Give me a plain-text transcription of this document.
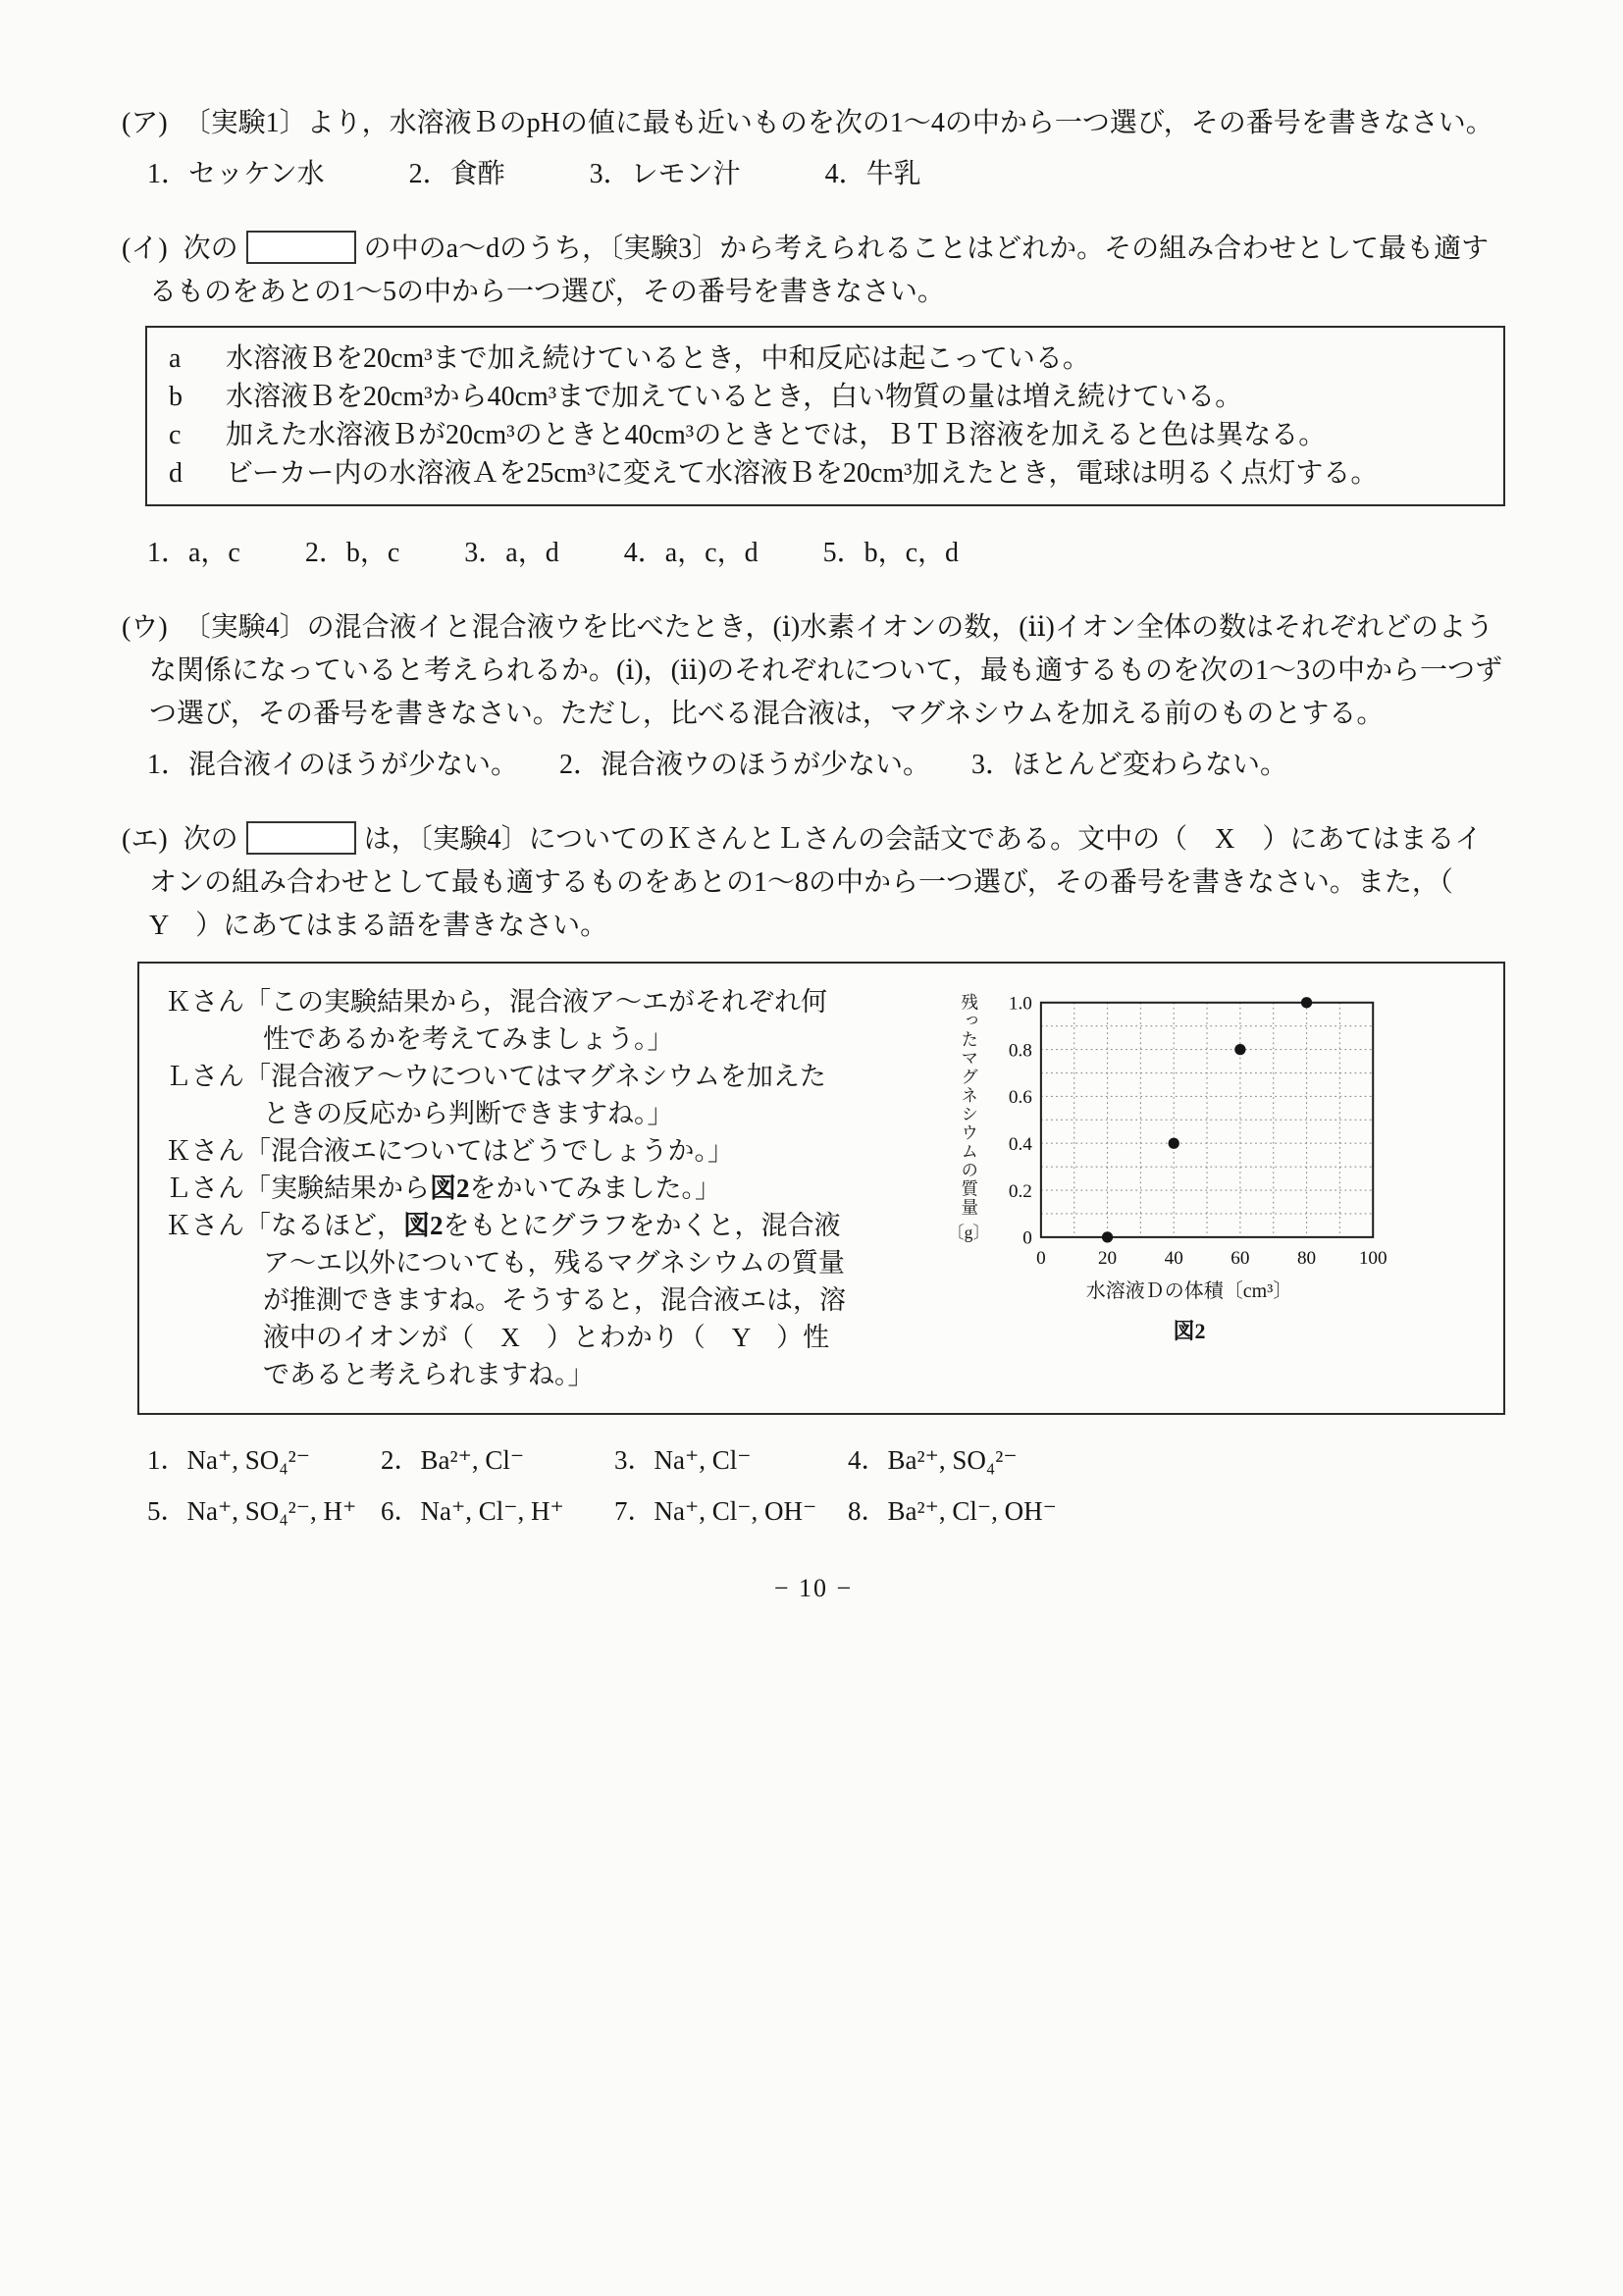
(ア) 〔実験1〕より，水溶液ＢのpHの値に最も近いものを次の1〜4の中から一つ選び，その番号を書きなさい。

1．セッケン水	2．食酢	3．レモン汁	4．牛乳

(イ) 次の	の中のa〜dのうち，〔実験3〕から考えられることはどれか。その組み合わせとして最も適するものをあとの1〜5の中から一つ選び，その番号を書きなさい。

a	水溶液Ｂを20cm³まで加え続けているとき，中和反応は起こっている。
b	水溶液Ｂを20cm³から40cm³まで加えているとき，白い物質の量は増え続けている。
c	加えた水溶液Ｂが20cm³のときと40cm³のときとでは，ＢＴＢ溶液を加えると色は異なる。
d	ビーカー内の水溶液Ａを25cm³に変えて水溶液Ｂを20cm³加えたとき，電球は明るく点灯する。
1．a，c 2．b，c 3．a，d 4．a，c，d 5．b，c，d

(ウ) 〔実験4〕の混合液イと混合液ウを比べたとき，(ⅰ)水素イオンの数，(ⅱ)イオン全体の数はそれぞれどのような関係になっていると考えられるか。(ⅰ)，(ⅱ)のそれぞれについて，最も適するものを次の1〜3の中から一つずつ選び，その番号を書きなさい。ただし，比べる混合液は，マグネシウムを加える前のものとする。

1．混合液イのほうが少ない。 2．混合液ウのほうが少ない。 3．ほとんど変わらない。

(エ) 次の	は，〔実験4〕についてのＫさんとＬさんの会話文である。文中の（　X　）にあてはまるイオンの組み合わせとして最も適するものをあとの1〜8の中から一つ選び，その番号を書きなさい。また，（　Y　）にあてはまる語を書きなさい。

Ｋさん「この実験結果から，混合液ア〜エがそれぞれ何性であるかを考えてみましょう。」

Ｌさん「混合液ア〜ウについてはマグネシウムを加えたときの反応から判断できますね。」

Ｋさん「混合液エについてはどうでしょうか。」

Ｌさん「実験結果から図2をかいてみました。」

Ｋさん「なるほど，図2をもとにグラフをかくと，混合液ア〜エ以外についても，残るマグネシウムの質量が推測できますね。そうすると，混合液エは，溶液中のイオンが（　X　）とわかり（　Y　）性であると考えられますね。」

残ったマグネシウムの質量
〔g〕
0	20	40	60	80	100
0
0.2
0.4
0.6
0.8
1.0
水溶液Ｄの体積〔cm³〕
図2
1．Na⁺, SO₄²⁻	2．Ba²⁺, Cl⁻	3．Na⁺, Cl⁻	4．Ba²⁺, SO₄²⁻
5．Na⁺, SO₄²⁻, H⁺ 6．Na⁺, Cl⁻, H⁺	7．Na⁺, Cl⁻, OH⁻	8．Ba²⁺, Cl⁻, OH⁻
− 10 −
